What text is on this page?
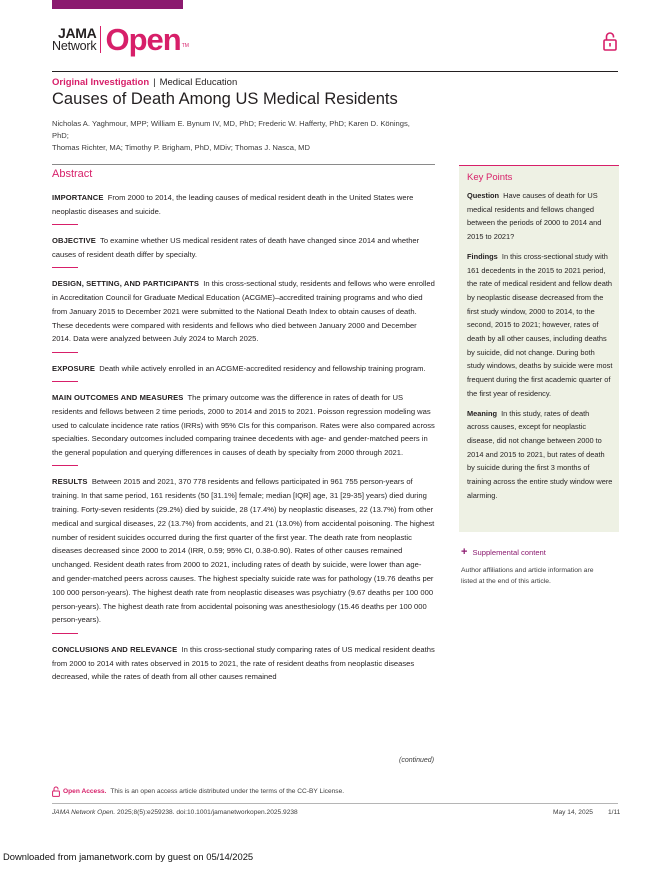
JAMA
Network Open TM
Original Investigation | Medical Education
Causes of Death Among US Medical Residents
Nicholas A. Yaghmour, MPP; William E. Bynum IV, MD, PhD; Frederic W. Hafferty, PhD; Karen D. Könings, PhD;
Thomas Richter, MA; Timothy P. Brigham, PhD, MDiv; Thomas J. Nasca, MD
Abstract

IMPORTANCE From 2000 to 2014, the leading causes of medical resident death in the United States were neoplastic diseases and suicide.

OBJECTIVE To examine whether US medical resident rates of death have changed since 2014 and whether causes of resident death differ by specialty.

DESIGN, SETTING, AND PARTICIPANTS In this cross-sectional study, residents and fellows who were enrolled in Accreditation Council for Graduate Medical Education (ACGME)–accredited training programs and who died from January 2015 to December 2021 were submitted to the National Death Index to obtain causes of death. These decedents were compared with residents and fellows who died between January 2000 and December 2014. Data were analyzed between July 2024 to March 2025.

EXPOSURE Death while actively enrolled in an ACGME-accredited residency and fellowship training program.

MAIN OUTCOMES AND MEASURES The primary outcome was the difference in rates of death for US residents and fellows between 2 time periods, 2000 to 2014 and 2015 to 2021. Poisson regression modeling was used to calculate incidence rate ratios (IRRs) with 95% CIs for this comparison. Rates were also compared across specialties. Secondary outcomes included comparing trainee decedents with age- and gender-matched peers in the general population and querying differences in causes of death by specialty from 2000 through 2021.

RESULTS Between 2015 and 2021, 370 778 residents and fellows participated in 961 755 person-years of training. In that same period, 161 residents (50 [31.1%] female; median [IQR] age, 31 [29-35] years) died during training. Forty-seven residents (29.2%) died by suicide, 28 (17.4%) by neoplastic diseases, 22 (13.7%) from other medical and surgical diseases, 22 (13.7%) from accidents, and 21 (13.0%) from accidental poisoning. The highest number of resident suicides occurred during the first quarter of the first year. The death rate from neoplastic diseases decreased since 2000 to 2014 (IRR, 0.59; 95% CI, 0.38-0.90). Rates of other causes remained unchanged. Resident death rates from 2000 to 2021, including rates of death by suicide, were lower than age- and gender-matched peers across causes. The highest specialty suicide rate was for pathology (19.76 deaths per 100 000 person-years). The highest death rate from neoplastic diseases was psychiatry (9.67 deaths per 100 000 person-years). The highest death rate from accidental poisoning was anesthesiology (15.46 deaths per 100 000 person-years).

CONCLUSIONS AND RELEVANCE In this cross-sectional study comparing rates of US medical resident deaths from 2000 to 2014 with rates observed in 2015 to 2021, the rate of resident deaths from neoplastic diseases decreased, while the rates of death from all other causes remained

(continued)
Key Points

Question Have causes of death for US medical residents and fellows changed between the periods of 2000 to 2014 and 2015 to 2021?

Findings In this cross-sectional study with 161 decedents in the 2015 to 2021 period, the rate of medical resident and fellow death by neoplastic disease decreased from the first study window, 2000 to 2014, to the second, 2015 to 2021; however, rates of death by all other causes, including deaths by suicide, did not change. During both study windows, deaths by suicide were most frequent during the first academic quarter of the first year of residency.

Meaning In this study, rates of death across causes, except for neoplastic disease, did not change between 2000 to 2014 and 2015 to 2021, but rates of death by suicide during the first 3 months of training across the entire study window were alarming.

+ Supplemental content
Author affiliations and article information are listed at the end of this article.
Open Access. This is an open access article distributed under the terms of the CC-BY License.
JAMA Network Open. 2025;8(5):e259238. doi:10.1001/jamanetworkopen.2025.9238	May 14, 2025 1/11
Downloaded from jamanetwork.com by guest on 05/14/2025
